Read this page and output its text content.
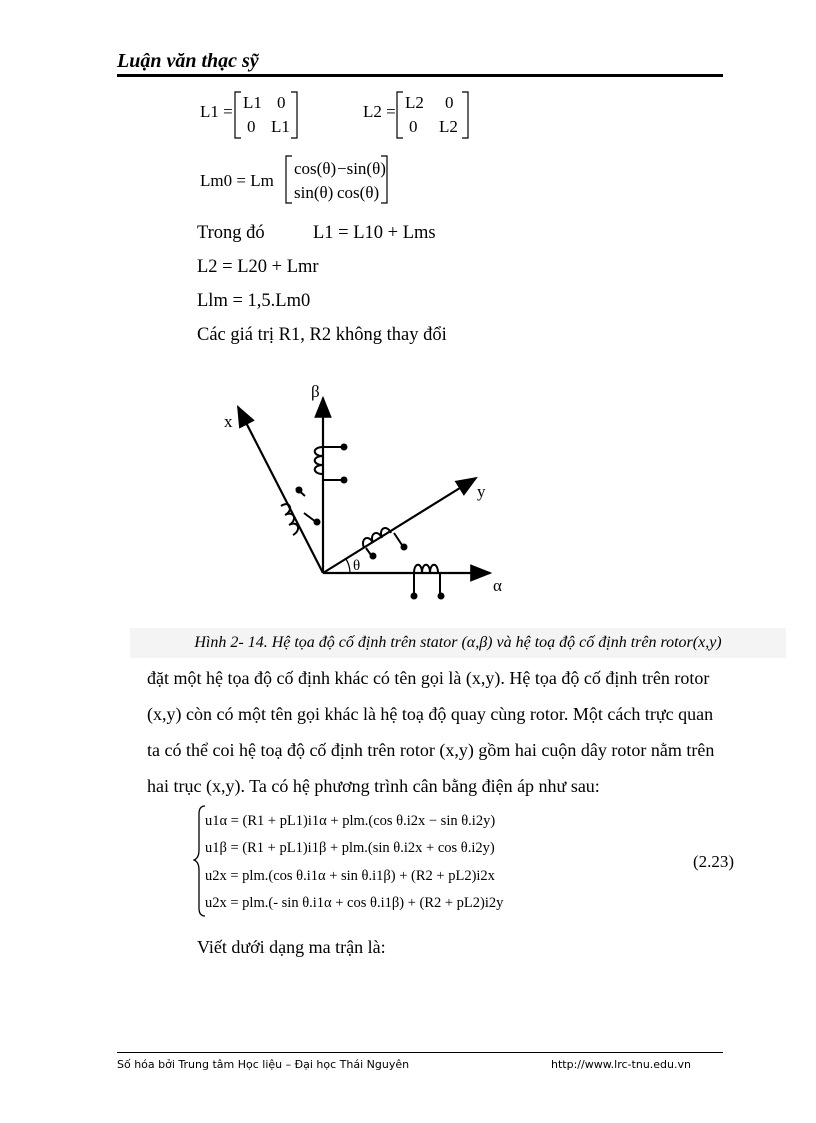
Luận văn thạc sỹ
L1 = L1 0
0 L1
L2 = L2 0
0 L2
Lm0 = Lm
cos(θ) −sin(θ)
sin(θ) cos(θ)
Trong đó	L1 = L10 + Lms
L2 = L20 + Lmr
Llm = 1,5.Lm0
Các giá trị R1, R2 không thay đổi
β
x
y
θ
α
Hình 2- 14. Hệ tọa độ cố định trên stator (α,β) và hệ toạ độ cố định trên rotor(x,y)
đặt một hệ tọa độ cố định khác có tên gọi là (x,y). Hệ tọa độ cố định trên rotor
(x,y) còn có một tên gọi khác là hệ toạ độ quay cùng rotor. Một cách trực quan
ta có thể coi hệ toạ độ cố định trên rotor (x,y) gồm hai cuộn dây rotor nằm trên
hai trục (x,y). Ta có hệ phương trình cân bằng điện áp như sau:
u1α = (R1 + pL1)i1α + plm.(cos θ.i2x − sin θ.i2y)
u1β = (R1 + pL1)i1β + plm.(sin θ.i2x + cos θ.i2y)
u2x = plm.(cos θ.i1α + sin θ.i1β) + (R2 + pL2)i2x
u2x = plm.(- sin θ.i1α + cos θ.i1β) + (R2 + pL2)i2y
(2.23)
Viết dưới dạng ma trận là:
Số hóa bởi Trung tâm Học liệu – Đại học Thái Nguyên	http://www.lrc-tnu.edu.vn
